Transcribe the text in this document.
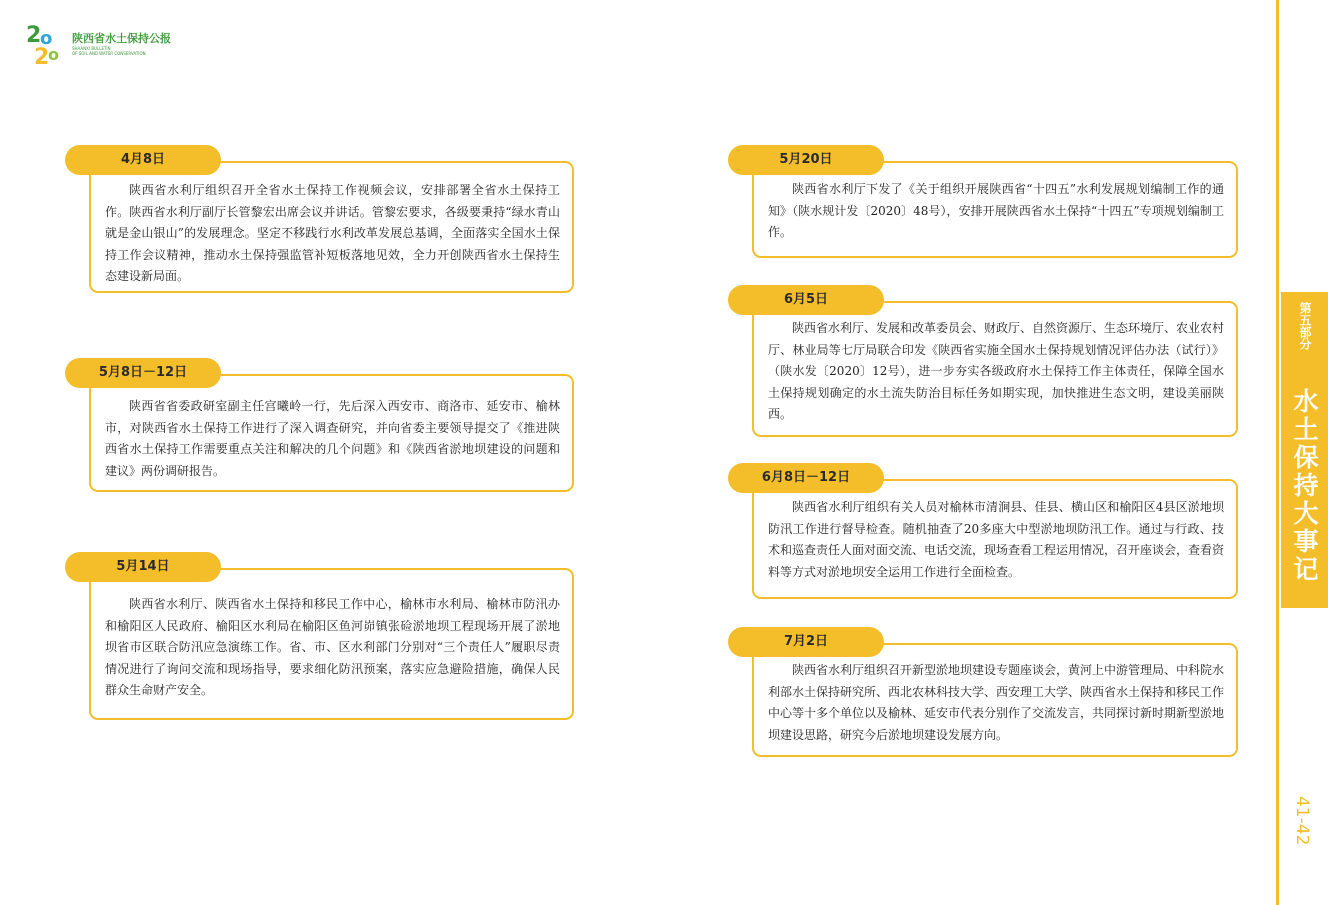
2
o
2
o
陕西省水土保持公报
SHAANXI BULLETIN
OF SOIL AND WATER CONSERVATION
4月8日
陕西省水利厅组织召开全省水土保持工作视频会议，安排部署全省水土保持工作。陕西省水利厅副厅长管黎宏出席会议并讲话。管黎宏要求，各级要秉持“绿水青山就是金山银山”的发展理念。坚定不移践行水利改革发展总基调，全面落实全国水土保持工作会议精神，推动水土保持强监管补短板落地见效，全力开创陕西省水土保持生态建设新局面。
5月8日－12日
陕西省省委政研室副主任宫曦岭一行，先后深入西安市、商洛市、延安市、榆林市，对陕西省水土保持工作进行了深入调查研究，并向省委主要领导提交了《推进陕西省水土保持工作需要重点关注和解决的几个问题》和《陕西省淤地坝建设的问题和建议》两份调研报告。
5月14日
陕西省水利厅、陕西省水土保持和移民工作中心，榆林市水利局、榆林市防汛办和榆阳区人民政府、榆阳区水利局在榆阳区鱼河峁镇张硷淤地坝工程现场开展了淤地坝省市区联合防汛应急演练工作。省、市、区水利部门分别对“三个责任人”履职尽责情况进行了询问交流和现场指导，要求细化防汛预案，落实应急避险措施，确保人民群众生命财产安全。
5月20日
陕西省水利厅下发了《关于组织开展陕西省“十四五”水利发展规划编制工作的通知》（陕水规计发〔2020〕48号），安排开展陕西省水土保持“十四五”专项规划编制工作。
6月5日
陕西省水利厅、发展和改革委员会、财政厅、自然资源厅、生态环境厅、农业农村厅、林业局等七厅局联合印发《陕西省实施全国水土保持规划情况评估办法（试行）》（陕水发〔2020〕12号），进一步夯实各级政府水土保持工作主体责任，保障全国水土保持规划确定的水土流失防治目标任务如期实现，加快推进生态文明，建设美丽陕西。
6月8日－12日
陕西省水利厅组织有关人员对榆林市清涧县、佳县、横山区和榆阳区4县区淤地坝防汛工作进行督导检查。随机抽查了20多座大中型淤地坝防汛工作。通过与行政、技术和巡查责任人面对面交流、电话交流，现场查看工程运用情况，召开座谈会，查看资料等方式对淤地坝安全运用工作进行全面检查。
7月2日
陕西省水利厅组织召开新型淤地坝建设专题座谈会，黄河上中游管理局、中科院水利部水土保持研究所、西北农林科技大学、西安理工大学、陕西省水土保持和移民工作中心等十多个单位以及榆林、延安市代表分别作了交流发言，共同探讨新时期新型淤地坝建设思路，研究今后淤地坝建设发展方向。
第五部分
水土保持大事记
41-42
